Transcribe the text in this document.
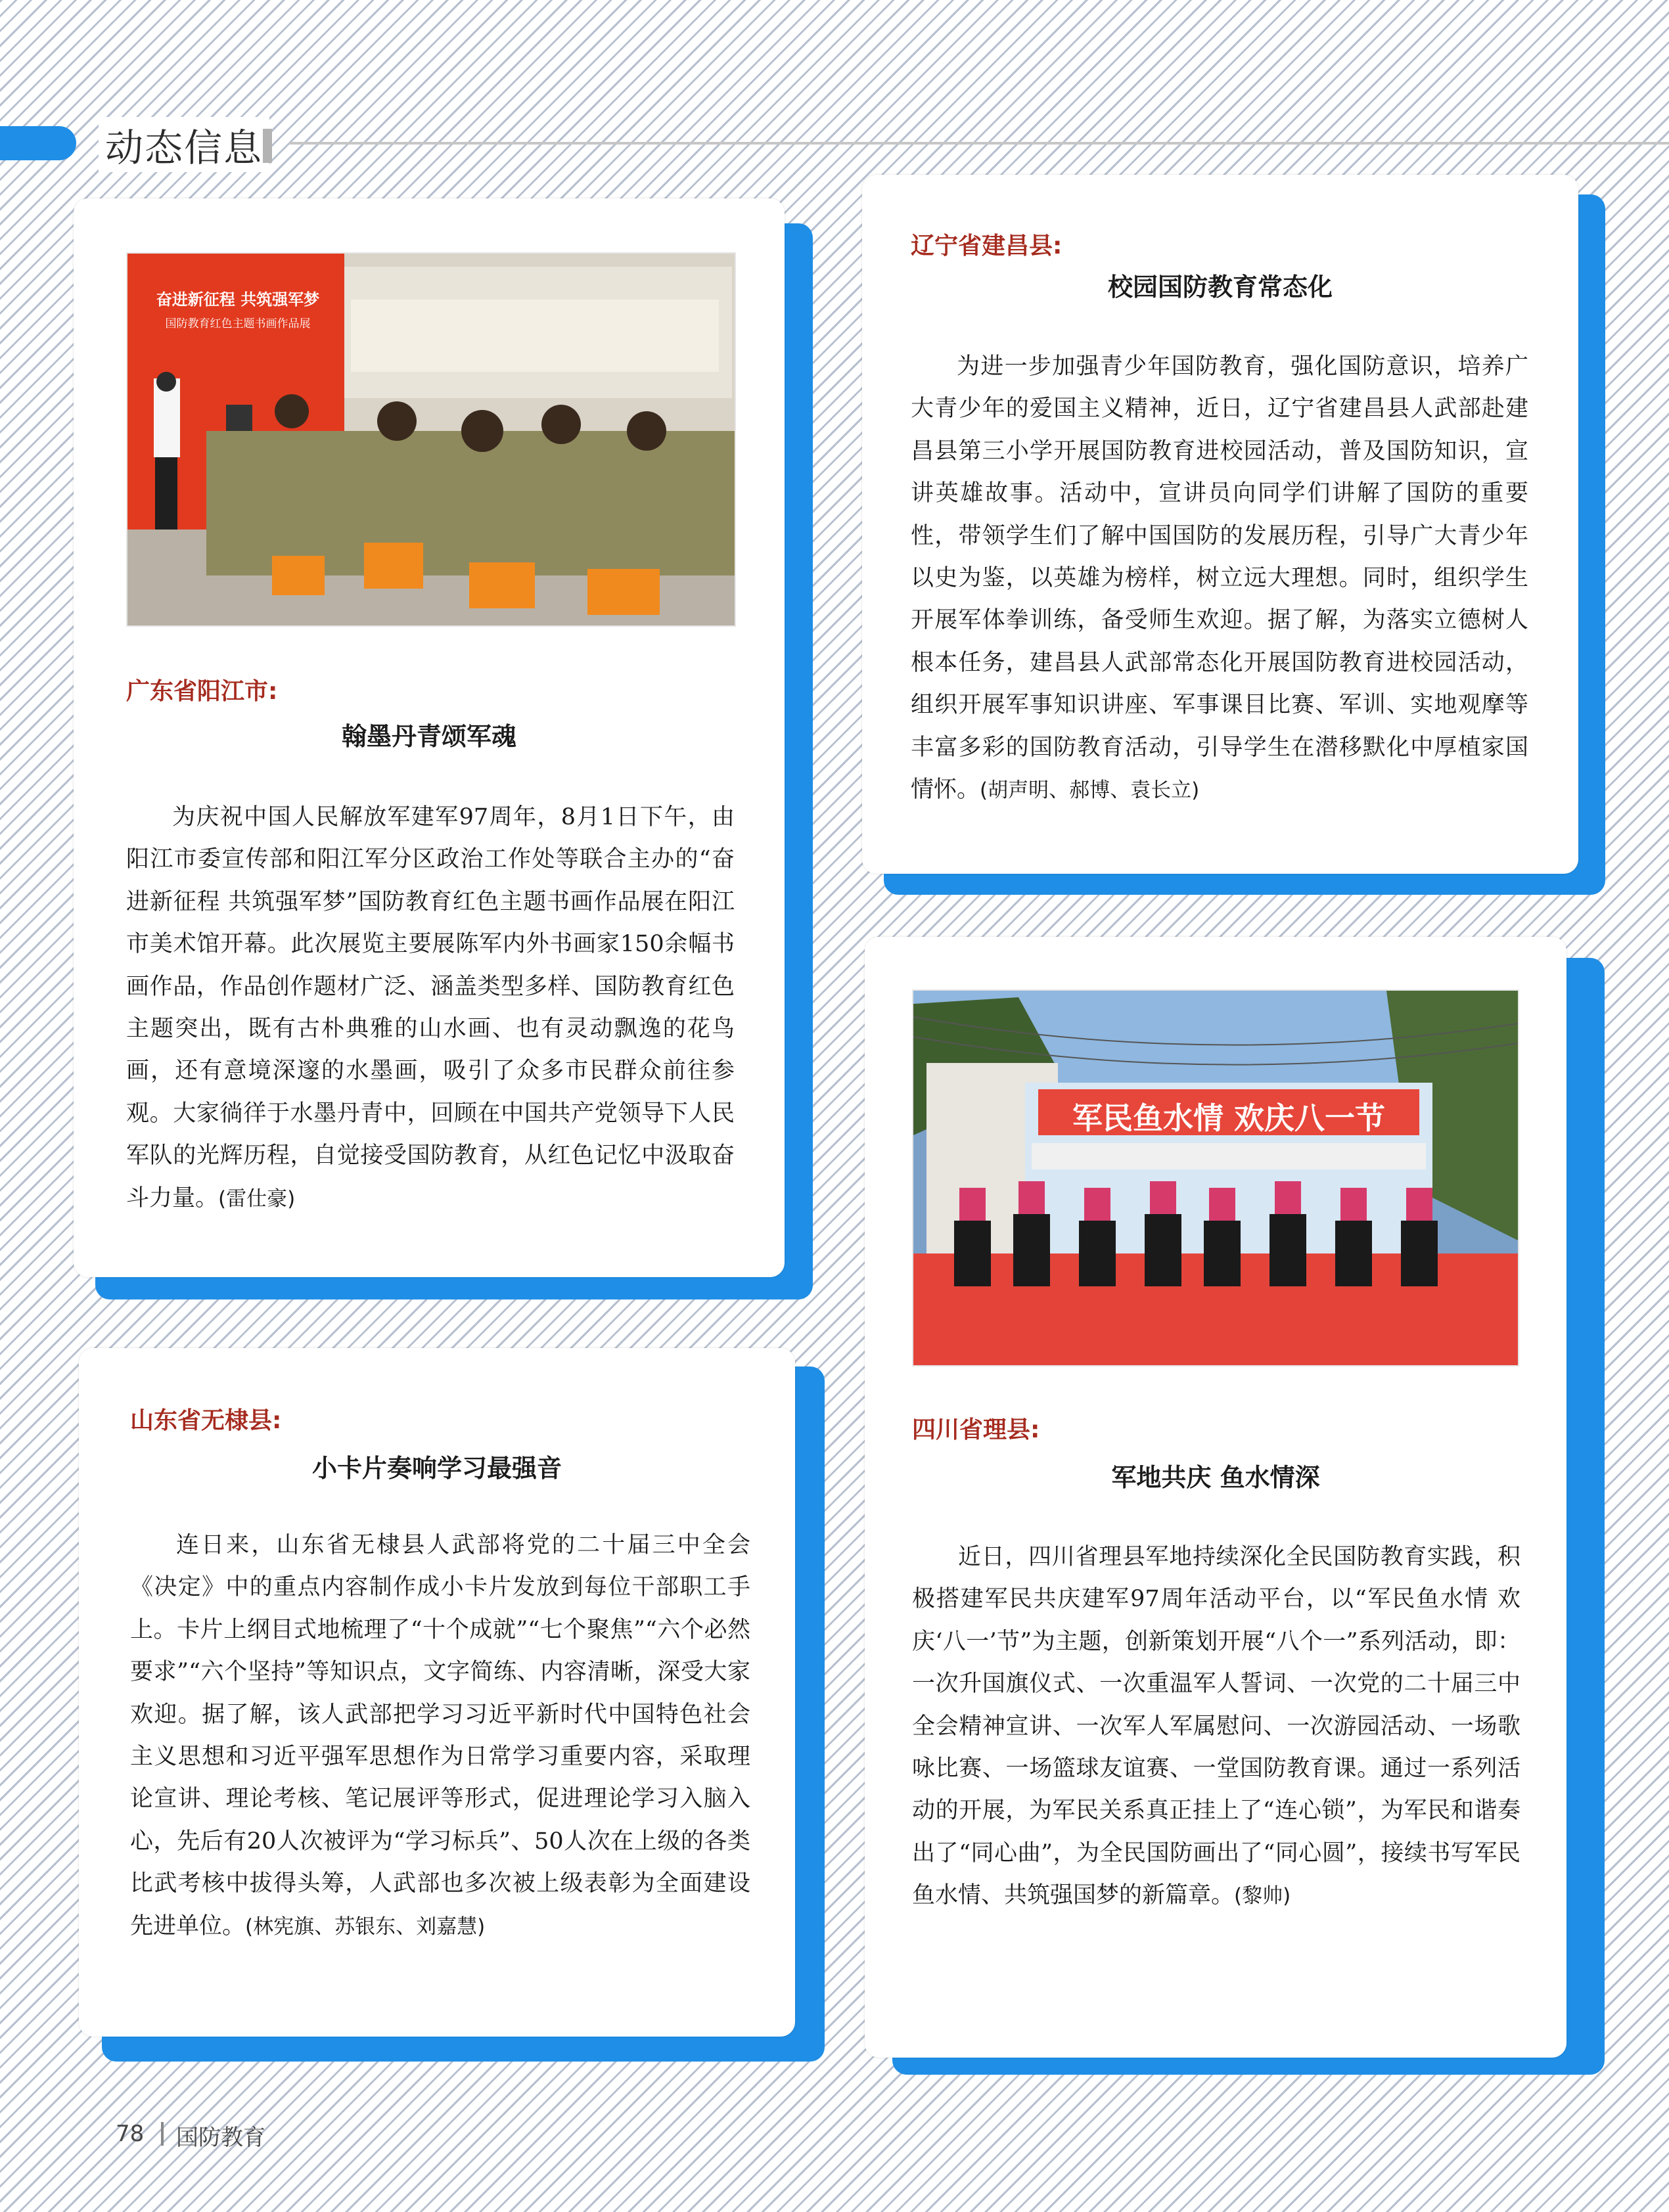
动态信息
奋进新征程 共筑强军梦
国防教育红色主题书画作品展
广东省阳江市:
翰墨丹青颂军魂

为庆祝中国人民解放军建军97周年，8月1日下午，由阳江市委宣传部和阳江军分区政治工作处等联合主办的“奋进新征程 共筑强军梦”国防教育红色主题书画作品展在阳江市美术馆开幕。此次展览主要展陈军内外书画家150余幅书画作品，作品创作题材广泛、涵盖类型多样、国防教育红色主题突出，既有古朴典雅的山水画、也有灵动飘逸的花鸟画，还有意境深邃的水墨画，吸引了众多市民群众前往参观。大家徜徉于水墨丹青中，回顾在中国共产党领导下人民军队的光辉历程，自觉接受国防教育，从红色记忆中汲取奋斗力量。(雷仕豪)

辽宁省建昌县:
校园国防教育常态化

为进一步加强青少年国防教育，强化国防意识，培养广大青少年的爱国主义精神，近日，辽宁省建昌县人武部赴建昌县第三小学开展国防教育进校园活动，普及国防知识，宣讲英雄故事。活动中，宣讲员向同学们讲解了国防的重要性，带领学生们了解中国国防的发展历程，引导广大青少年以史为鉴，以英雄为榜样，树立远大理想。同时，组织学生开展军体拳训练，备受师生欢迎。据了解，为落实立德树人根本任务，建昌县人武部常态化开展国防教育进校园活动，组织开展军事知识讲座、军事课目比赛、军训、实地观摩等丰富多彩的国防教育活动，引导学生在潜移默化中厚植家国情怀。(胡声明、郝博、袁长立)

山东省无棣县:
小卡片奏响学习最强音

连日来，山东省无棣县人武部将党的二十届三中全会《决定》中的重点内容制作成小卡片发放到每位干部职工手上。卡片上纲目式地梳理了“十个成就”“七个聚焦”“六个必然要求”“六个坚持”等知识点，文字简练、内容清晰，深受大家欢迎。据了解，该人武部把学习习近平新时代中国特色社会主义思想和习近平强军思想作为日常学习重要内容，采取理论宣讲、理论考核、笔记展评等形式，促进理论学习入脑入心，先后有20人次被评为“学习标兵”、50人次在上级的各类比武考核中拔得头筹，人武部也多次被上级表彰为全面建设先进单位。(林宪旗、苏银东、刘嘉慧)

军民鱼水情 欢庆八一节
四川省理县:
军地共庆 鱼水情深

近日，四川省理县军地持续深化全民国防教育实践，积极搭建军民共庆建军97周年活动平台，以“军民鱼水情 欢庆‘八一’节”为主题，创新策划开展“八个一”系列活动，即：一次升国旗仪式、一次重温军人誓词、一次党的二十届三中全会精神宣讲、一次军人军属慰问、一次游园活动、一场歌咏比赛、一场篮球友谊赛、一堂国防教育课。通过一系列活动的开展，为军民关系真正挂上了“连心锁”，为军民和谐奏出了“同心曲”，为全民国防画出了“同心圆”，接续书写军民鱼水情、共筑强国梦的新篇章。(黎帅)

78 国防教育
